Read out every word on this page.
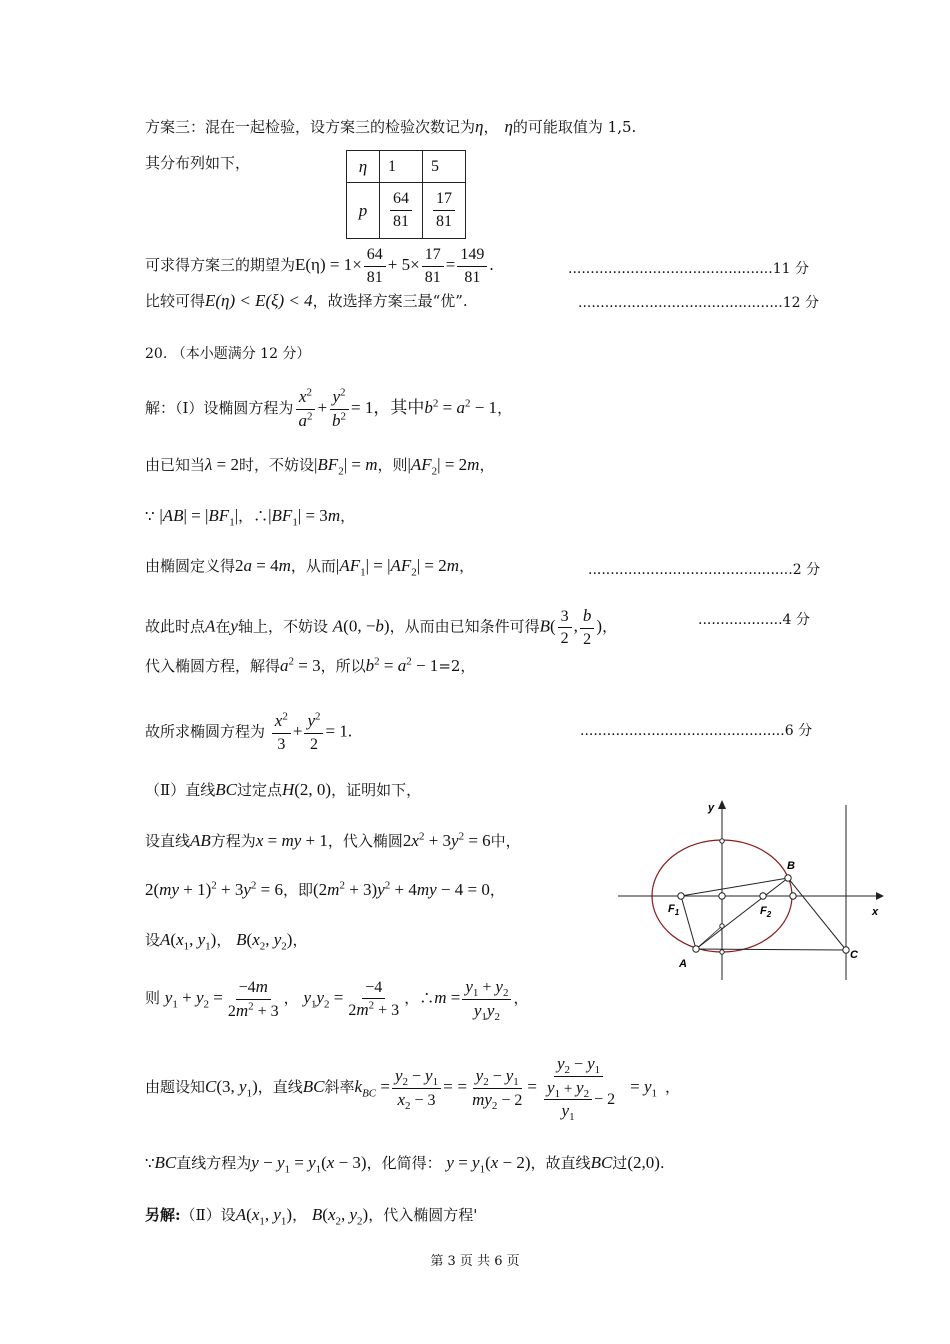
方案三：混在一起检验，设方案三的检验次数记为η， η的可能取值为 1,5.
其分布列如下，	η	1	5
p	$\frac{64}{81}$	$\frac{17}{81}$
可求得方案三的期望为$E(\eta) = 1\times \frac{64}{81} + 5\times \frac{17}{81} = \frac{149}{81}$ .	..............................................11 分
比较可得E(η) < E(ξ) < 4，故选择方案三最“优”.	..............................................12 分
20. （本小题满分 12 分）
解：（Ⅰ）设椭圆方程为 $\frac{x^2}{a^2} + \frac{y^2}{b^2} = 1$，其中$b^2 = a^2 - 1$，
由已知当λ = 2时，不妨设$|BF_2| = m$，则$|AF_2| = 2m$，
∵ $|AB| = |BF_1|$，$\therefore|BF_1| = 3m$，
由椭圆定义得2a = 4m，从而$|AF_1| = |AF_2| = 2m$，	..............................................2 分
故此时点A在y轴上，不妨设 A(0, −b)，从而由已知条件可得$B( \frac{3}{2}$ , $\frac{b}{2}$ )，	...................4 分
代入椭圆方程，解得$a^2 = 3$，所以$b^2 = a^2 - 1=2$，
故所求椭圆方程为 $\frac{x^2}{3} + \frac{y^2}{2} = 1$.	..............................................6 分
（Ⅱ）直线BC过定点H(2, 0)，证明如下，
设直线AB方程为x = my + 1，代入椭圆$2x^2 + 3y^2 = 6$中，
$2(my + 1)^2 + 3y^2 = 6$，即$(2m^2 + 3)y^2 + 4my - 4 = 0$，
设$A(x_1$, $y_1$)， $B(x_2$, $y_2$)，
则 $y_1 + y_2 = \frac{-4m}{2m^2 + 3}$ ， $y_1y_2 = \frac{-4}{2m^2 + 3}$ ，∴m = $\frac{y_1 + y_2}{y_1y_2}$ ，
由题设知C(3, $y_1$)，直线BC斜率$k_{BC} = \frac{y_2 - y_1}{x_2 - 3}$ = = $\frac{y_2 - y_1}{my_2 - 2} = \frac{y_2 - y_1}{\frac{y_1 + y_2}{y_1} - 2} = y_1$ ，
∵BC直线方程为$y - y_1 = y_1(x - 3)$，化简得： $y = y_1(x - 2)$，故直线BC过(2,0).
另解:（Ⅱ）设$A(x_1$, $y_1$)， $B(x_2$, $y_2$)，代入椭圆方程'
y
x
B
$F_1$	$F_2$
A
C
第 3 页 共 6 页
